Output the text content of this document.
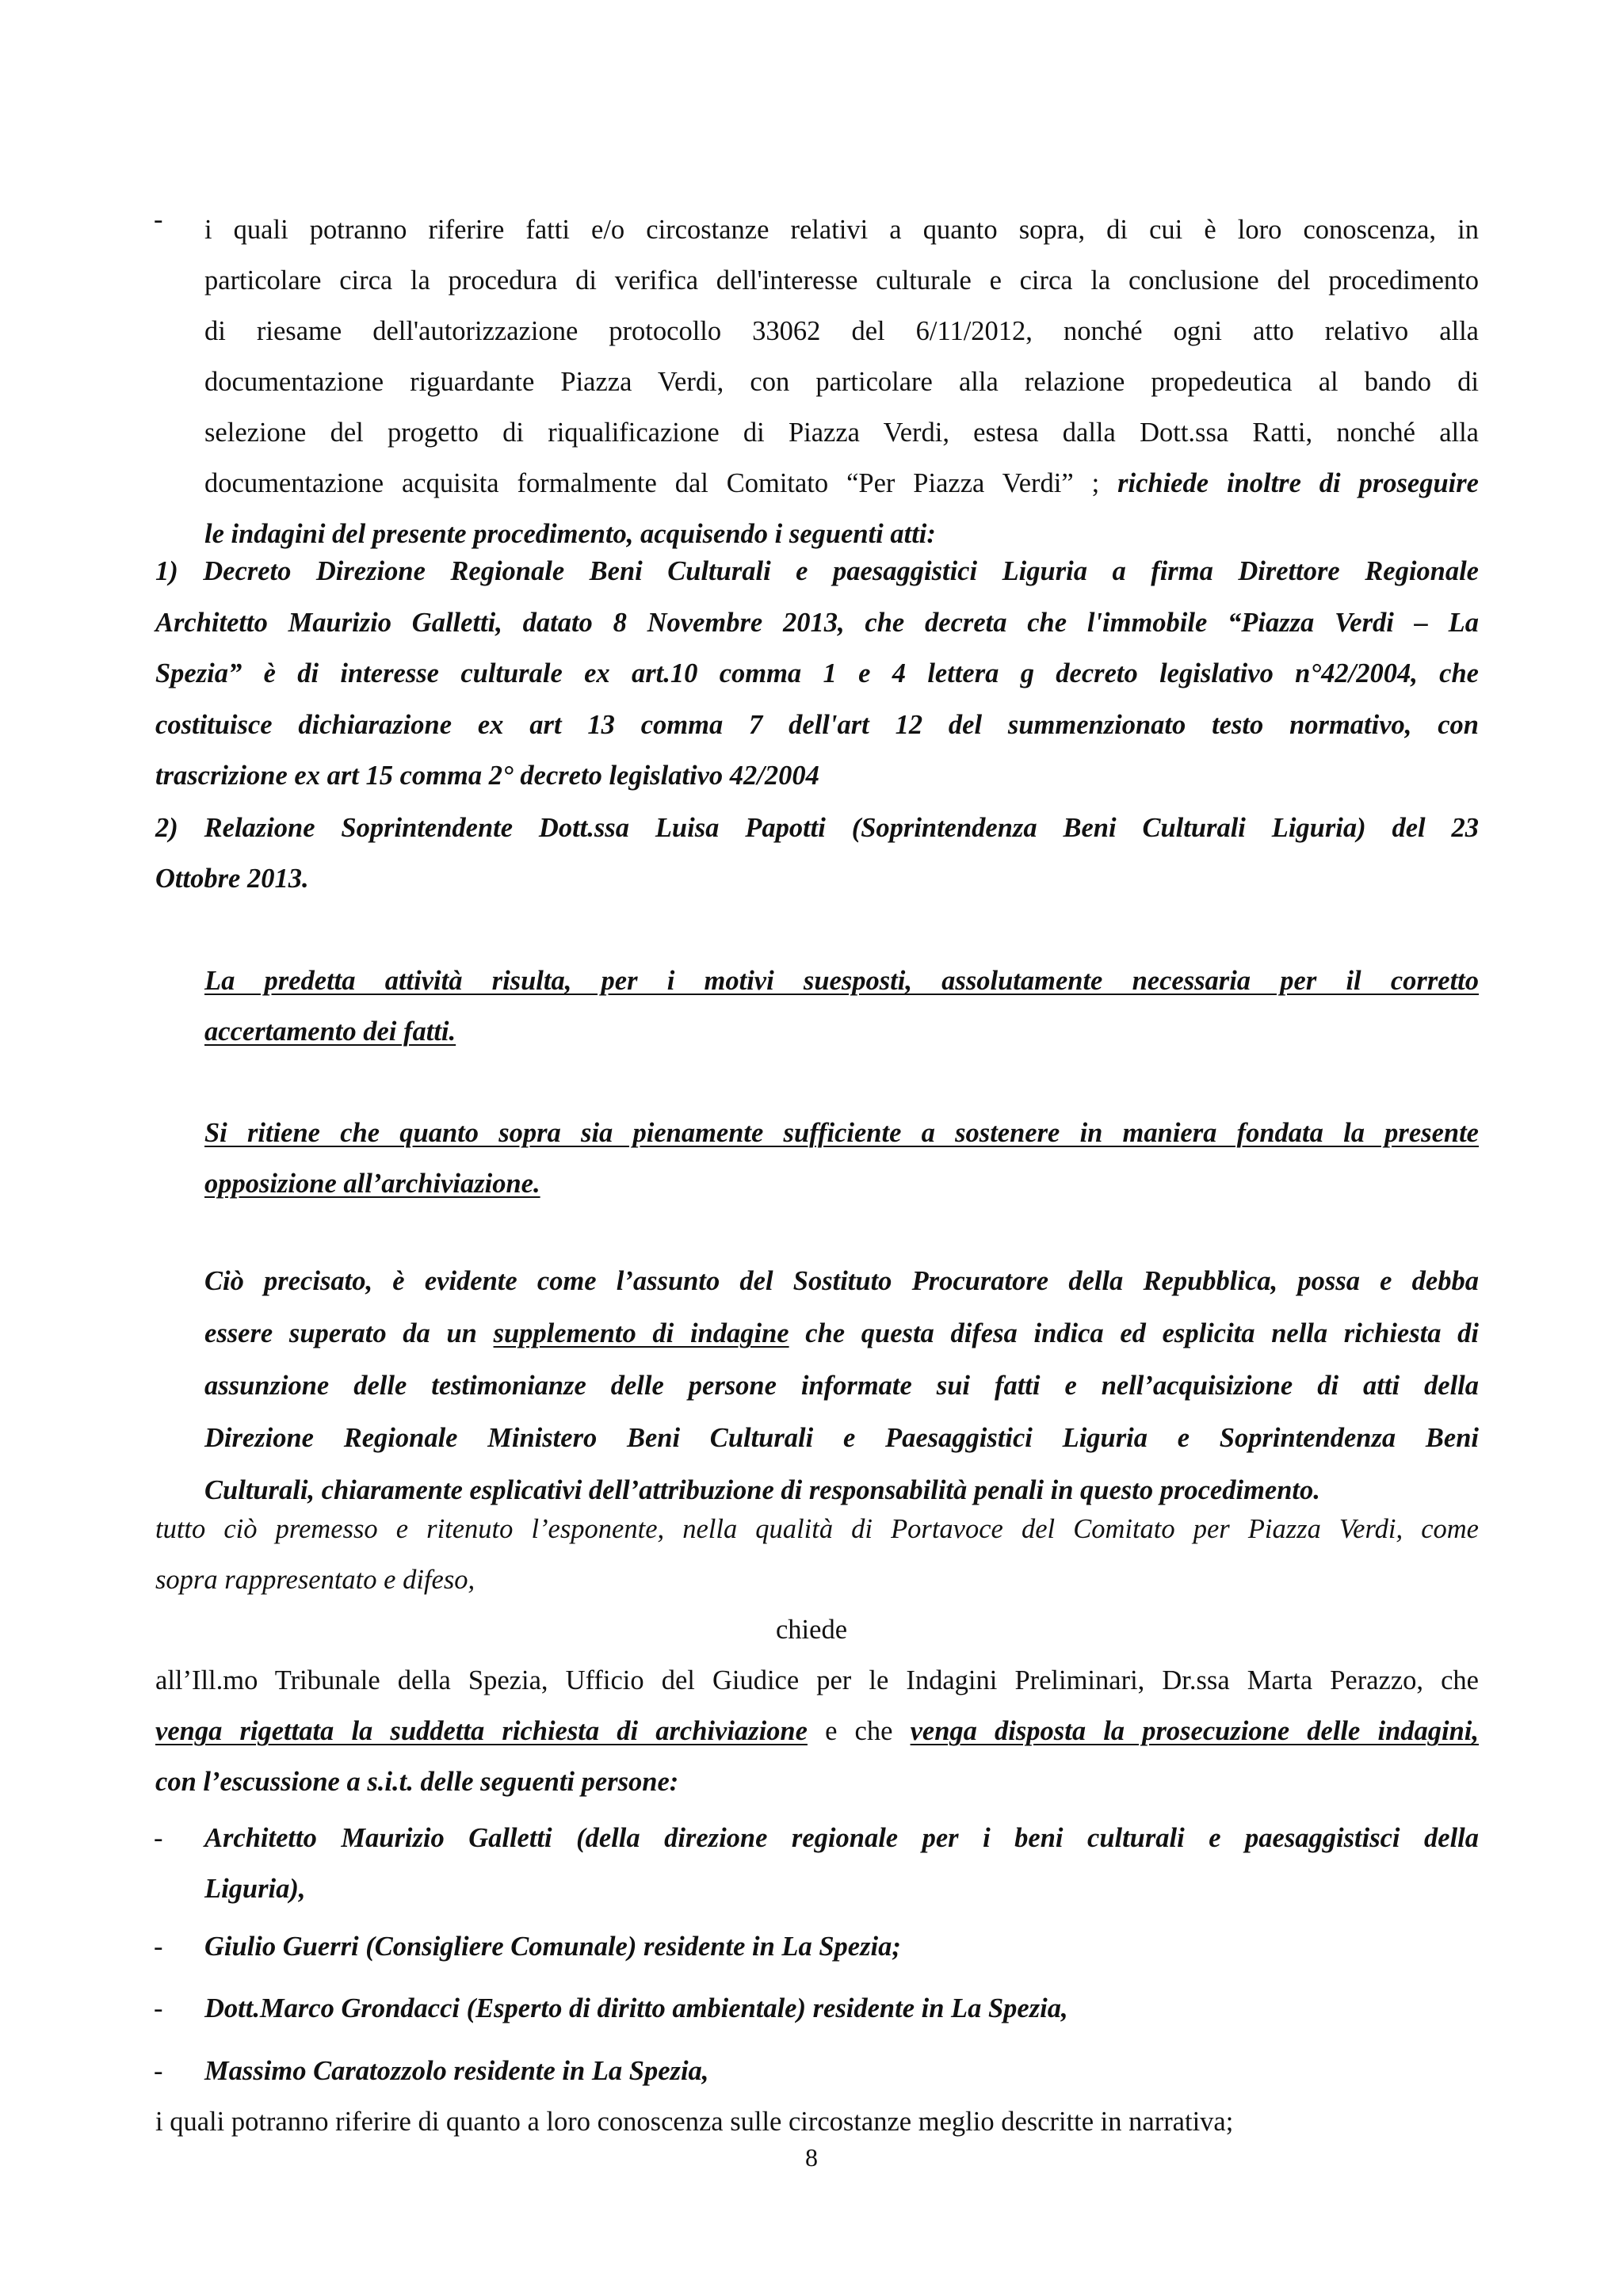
- i quali potranno riferire fatti e/o circostanze relativi a quanto sopra, di cui è loro conoscenza, in
particolare circa la procedura di verifica dell'interesse culturale e circa la conclusione del procedimento
di riesame dell'autorizzazione protocollo 33062 del 6/11/2012, nonché ogni atto relativo alla
documentazione riguardante Piazza Verdi, con particolare alla relazione propedeutica al bando di
selezione del progetto di riqualificazione di Piazza Verdi, estesa dalla Dott.ssa Ratti, nonché alla
documentazione acquisita formalmente dal Comitato “Per Piazza Verdi” ; richiede inoltre di proseguire
le indagini del presente procedimento, acquisendo i seguenti atti:
1) Decreto Direzione Regionale Beni Culturali e paesaggistici Liguria a firma Direttore Regionale
Architetto Maurizio Galletti, datato 8 Novembre 2013, che decreta che l'immobile “Piazza Verdi – La
Spezia” è di interesse culturale ex art.10 comma 1 e 4 lettera g decreto legislativo n°42/2004, che
costituisce dichiarazione ex art 13 comma 7 dell'art 12 del summenzionato testo normativo, con
trascrizione ex art 15 comma 2° decreto legislativo 42/2004
2) Relazione Soprintendente Dott.ssa Luisa Papotti (Soprintendenza Beni Culturali Liguria) del 23
Ottobre 2013.
La predetta attività risulta, per i motivi suesposti, assolutamente necessaria per il corretto
accertamento dei fatti.
Si ritiene che quanto sopra sia pienamente sufficiente a sostenere in maniera fondata la presente
opposizione all’archiviazione.
Ciò precisato, è evidente come l’assunto del Sostituto Procuratore della Repubblica, possa e debba
essere superato da un supplemento di indagine che questa difesa indica ed esplicita nella richiesta di
assunzione delle testimonianze delle persone informate sui fatti e nell’acquisizione di atti della
Direzione Regionale Ministero Beni Culturali e Paesaggistici Liguria e Soprintendenza Beni
Culturali, chiaramente esplicativi dell’attribuzione di responsabilità penali in questo procedimento.
tutto ciò premesso e ritenuto l’esponente, nella qualità di Portavoce del Comitato per Piazza Verdi, come
sopra rappresentato e difeso,
chiede
all’Ill.mo Tribunale della Spezia, Ufficio del Giudice per le Indagini Preliminari, Dr.ssa Marta Perazzo, che
venga rigettata la suddetta richiesta di archiviazione e che venga disposta la prosecuzione delle indagini,
con l’escussione a s.i.t. delle seguenti persone:
- Architetto Maurizio Galletti (della direzione regionale per i beni culturali e paesaggistisci della
Liguria),
- Giulio Guerri (Consigliere Comunale) residente in La Spezia;
- Dott.Marco Grondacci (Esperto di diritto ambientale) residente in La Spezia,
- Massimo Caratozzolo residente in La Spezia,
i quali potranno riferire di quanto a loro conoscenza sulle circostanze meglio descritte in narrativa;
8
